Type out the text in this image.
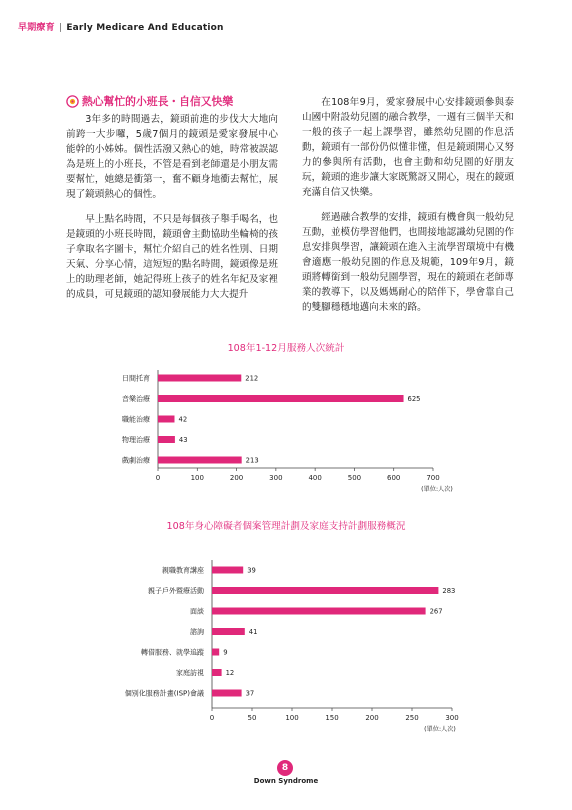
早期療育 | Early Medicare And Education
熱心幫忙的小班長・自信又快樂

3年多的時間過去，鏡頭前進的步伐大大地向前跨一大步囉，5歲7個月的鏡頭是愛家發展中心能幹的小姊姊。個性活潑又熱心的她，時常被誤認為是班上的小班長，不管是看到老師還是小朋友需要幫忙，她總是衝第一，奮不顧身地衝去幫忙，展現了鏡頭熱心的個性。

早上點名時間，不只是每個孩子舉手喝名，也是鏡頭的小班長時間，鏡頭會主動協助坐輪椅的孩子拿取名字圖卡，幫忙介紹自己的姓名性別、日期天氣、分享心情，這短短的點名時間，鏡頭像是班上的助理老師，她記得班上孩子的姓名年紀及家裡的成員，可見鏡頭的認知發展能力大大提升

在108年9月，愛家發展中心安排鏡頭參與泰山國中附設幼兒園的融合教學，一週有三個半天和一般的孩子一起上課學習，雖然幼兒園的作息活動，鏡頭有一部份仍似懂非懂，但是鏡頭開心又努力的參與所有活動，也會主動和幼兒園的好朋友玩，鏡頭的進步讓大家既驚訝又開心，現在的鏡頭充滿自信又快樂。

經過融合教學的安排，鏡頭有機會與一般幼兒互動，並模仿學習他們，也間接地認識幼兒園的作息安排與學習，讓鏡頭在進入主流學習環境中有機會適應一般幼兒園的作息及規範，109年9月，鏡頭將轉銜到一般幼兒園學習，現在的鏡頭在老師專業的教導下，以及媽媽耐心的陪伴下，學會靠自己的雙腳穩穩地邁向未來的路。

108年1-12月服務人次統計
日間托育	212
音樂治療	625
職能治療	42
物理治療	43
戲劇治療	213
0	100	200	300	400	500	600	700
(單位:人次)
108年身心障礙者個案管理計劃及家庭支持計劃服務概況
親職教育講座	39
親子戶外暨療活動	283
面談	267
諮詢	41
轉借服務、就學追蹤	9
家庭訪視	12
個別化服務計畫(ISP)會議	37
0	50	100	150	200	250	300
(單位:人次)
8
Down Syndrome
